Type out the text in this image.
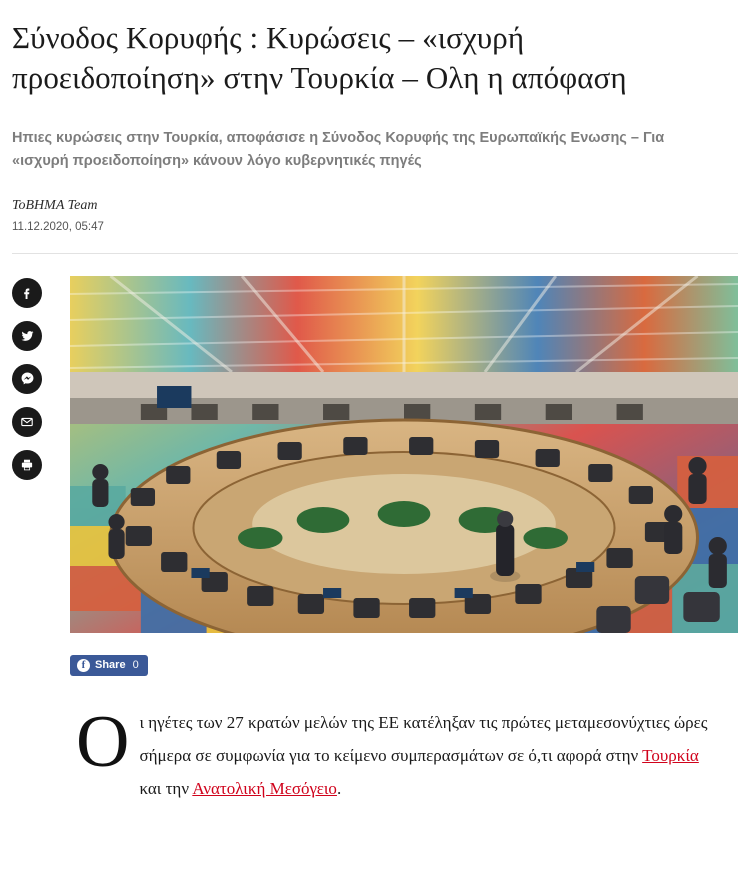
Σύνοδος Κορυφής : Κυρώσεις – «ισχυρή προειδοποίηση» στην Τουρκία – Ολη η απόφαση

Ηπιες κυρώσεις στην Τουρκία, αποφάσισε η Σύνοδος Κορυφής της Ευρωπαϊκής Ενωσης – Για «ισχυρή προειδοποίηση» κάνουν λόγο κυβερνητικές πηγές

ToBHMA Team
11.12.2020, 05:47
f Share 0
Οι ηγέτες των 27 κρατών μελών της ΕΕ κατέληξαν τις πρώτες μεταμεσονύχτιες ώρες σήμερα σε συμφωνία για το κείμενο συμπερασμάτων σε ό,τι αφορά στην Τουρκία και την Ανατολική Μεσόγειο.
